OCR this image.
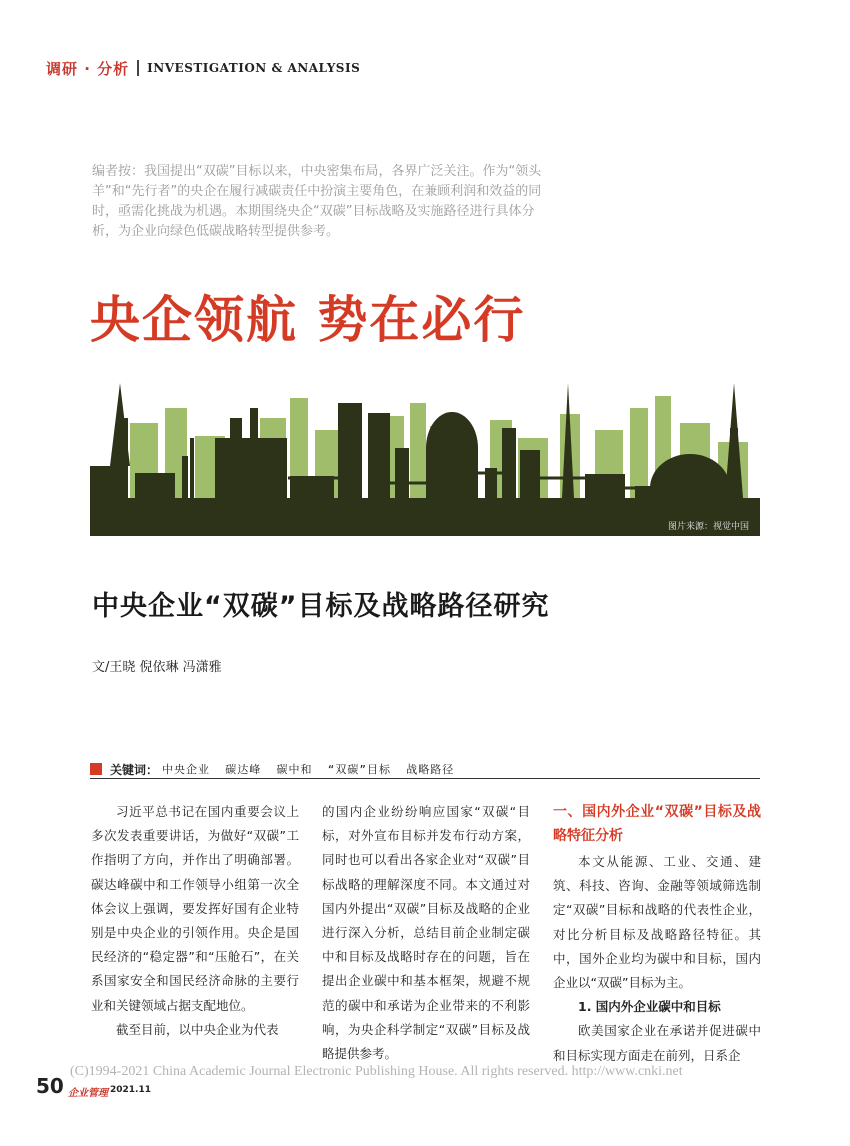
调研 · 分析 INVESTIGATION & ANALYSIS
编者按：我国提出“双碳”目标以来，中央密集布局，各界广泛关注。作为“领头羊”和“先行者”的央企在履行减碳责任中扮演主要角色，在兼顾利润和效益的同时，亟需化挑战为机遇。本期围绕央企“双碳”目标战略及实施路径进行具体分析，为企业向绿色低碳战略转型提供参考。
央企领航 势在必行
图片来源：视觉中国
中央企业“双碳”目标及战略路径研究
文/王晓 倪依琳 冯潇雅
关键词： 中央企业  碳达峰  碳中和  “双碳”目标  战略路径

习近平总书记在国内重要会议上多次发表重要讲话，为做好“双碳”工作指明了方向，并作出了明确部署。碳达峰碳中和工作领导小组第一次全体会议上强调，要发挥好国有企业特别是中央企业的引领作用。央企是国民经济的“稳定器”和“压舱石”，在关系国家安全和国民经济命脉的主要行业和关键领域占据支配地位。

截至目前，以中央企业为代表

的国内企业纷纷响应国家“双碳“目标，对外宣布目标并发布行动方案，同时也可以看出各家企业对“双碳”目标战略的理解深度不同。本文通过对国内外提出“双碳”目标及战略的企业进行深入分析，总结目前企业制定碳中和目标及战略时存在的问题，旨在提出企业碳中和基本框架，规避不规范的碳中和承诺为企业带来的不利影响，为央企科学制定“双碳”目标及战略提供参考。

一、国内外企业“双碳”目标及战略特征分析

本文从能源、工业、交通、建筑、科技、咨询、金融等领域筛选制定“双碳”目标和战略的代表性企业，对比分析目标及战略路径特征。其中，国外企业均为碳中和目标，国内企业以“双碳”目标为主。

1. 国内外企业碳中和目标

欧美国家企业在承诺并促进碳中和目标实现方面走在前列，日系企

(C)1994-2021 China Academic Journal Electronic Publishing House. All rights reserved. http://www.cnki.net
50 企业管理 2021.11
